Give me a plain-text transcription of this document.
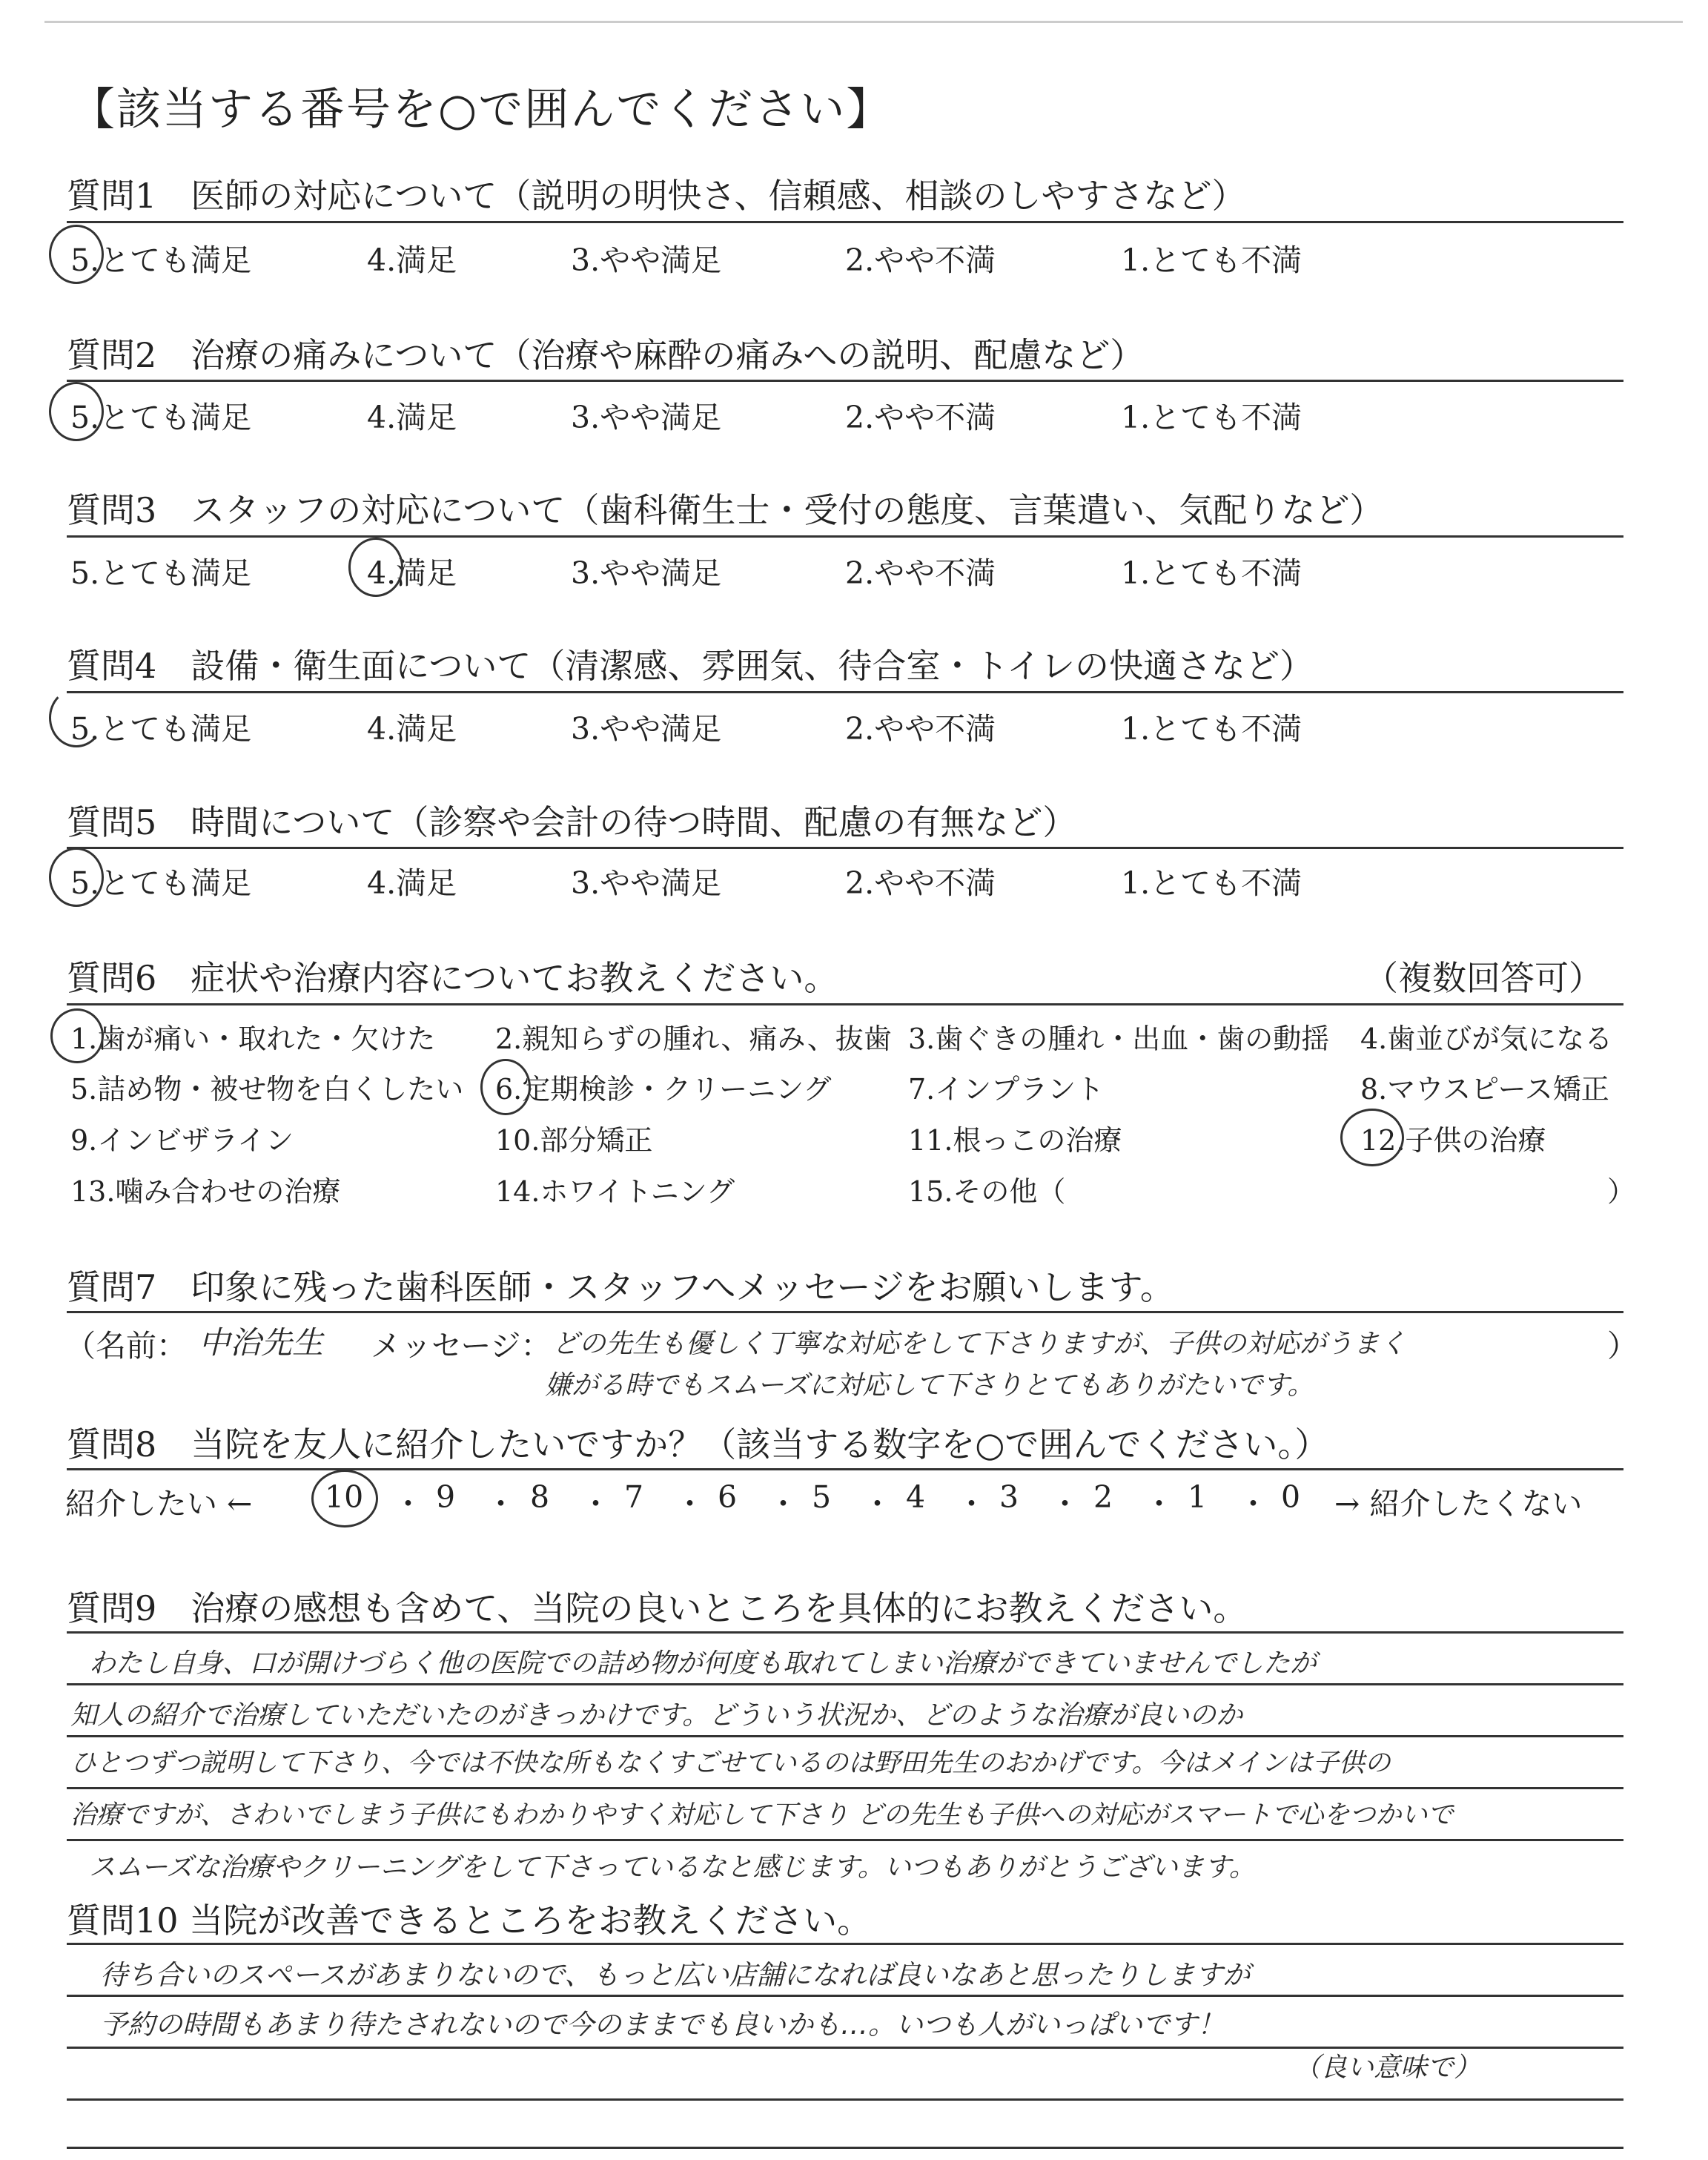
【該当する番号を○で囲んでください】
質問1　医師の対応について（説明の明快さ、信頼感、相談のしやすさなど）
5.とても満足	4.満足	3.やや満足	2.やや不満	1.とても不満
質問2　治療の痛みについて（治療や麻酔の痛みへの説明、配慮など）
5.とても満足	4.満足	3.やや満足	2.やや不満	1.とても不満
質問3　スタッフの対応について（歯科衛生士・受付の態度、言葉遣い、気配りなど）
5.とても満足	4.満足	3.やや満足	2.やや不満	1.とても不満
質問4　設備・衛生面について（清潔感、雰囲気、待合室・トイレの快適さなど）
5.とても満足	4.満足	3.やや満足	2.やや不満	1.とても不満
質問5　時間について（診察や会計の待つ時間、配慮の有無など）
5.とても満足	4.満足	3.やや満足	2.やや不満	1.とても不満
質問6　症状や治療内容についてお教えください。	（複数回答可）
1.歯が痛い・取れた・欠けた 2.親知らずの腫れ、痛み、抜歯 3.歯ぐきの腫れ・出血・歯の動揺 4.歯並びが気になる
5.詰め物・被せ物を白くしたい 6.定期検診・クリーニング	7.インプラント	8.マウスピース矯正
9.インビザライン	10.部分矯正	11.根っこの治療	12.子供の治療
13.噛み合わせの治療	14.ホワイトニング	15.その他（	）
質問7　印象に残った歯科医師・スタッフへメッセージをお願いします。
（名前： 中治先生 メッセージ： どの先生も優しく丁寧な対応をして下さりますが、子供の対応がうまく	）
嫌がる時でもスムーズに対応して下さりとてもありがたいです。
質問8　当院を友人に紹介したいですか？（該当する数字を○で囲んでください。）
紹介したい ← 10 ・ 9 ・ 8 ・ 7 ・ 6 ・ 5 ・ 4 ・ 3 ・ 2 ・ 1 ・ 0 → 紹介したくない
質問9　治療の感想も含めて、当院の良いところを具体的にお教えください。
わたし自身、口が開けづらく他の医院での詰め物が何度も取れてしまい治療ができていませんでしたが
知人の紹介で治療していただいたのがきっかけです。どういう状況か、どのような治療が良いのか
ひとつずつ説明して下さり、今では不快な所もなくすごせているのは野田先生のおかげです。今はメインは子供の
治療ですが、さわいでしまう子供にもわかりやすく対応して下さり どの先生も子供への対応がスマートで心をつかいで
スムーズな治療やクリーニングをして下さっているなと感じます。いつもありがとうございます。
質問10 当院が改善できるところをお教えください。
待ち合いのスペースがあまりないので、もっと広い店舗になれば良いなあと思ったりしますが
予約の時間もあまり待たされないので今のままでも良いかも…。いつも人がいっぱいです！
（良い意味で）
